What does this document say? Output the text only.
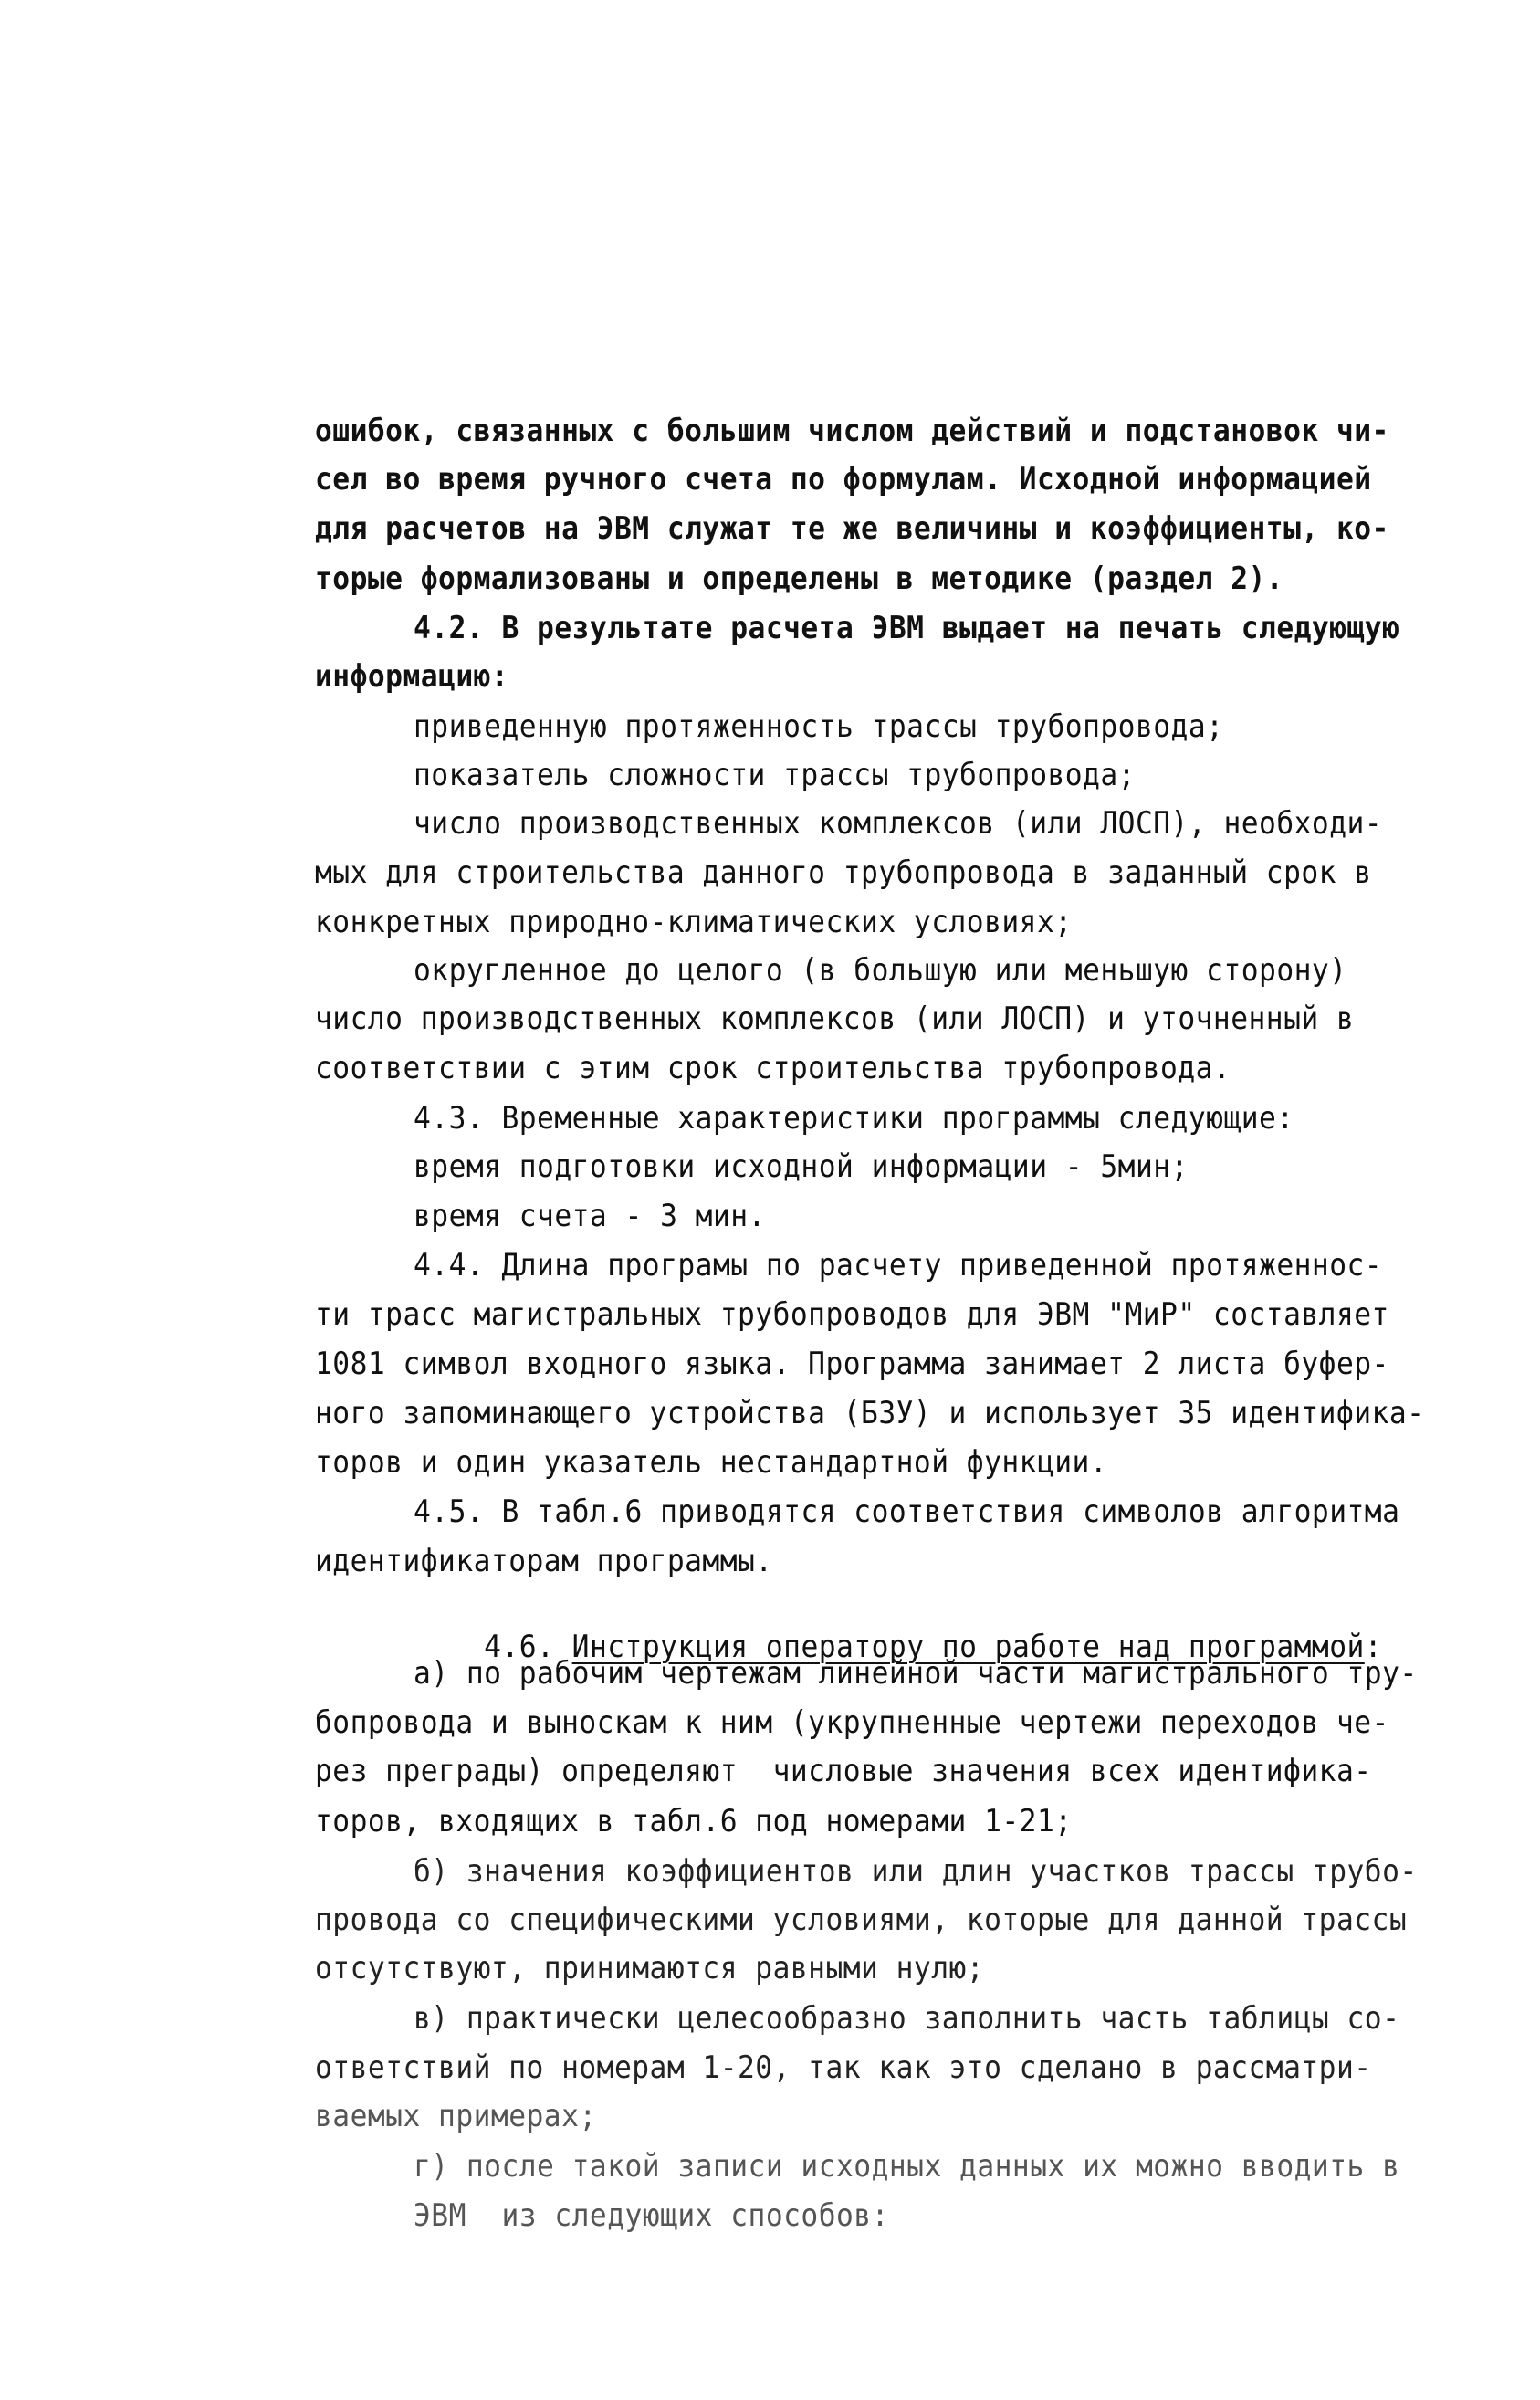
ошибок, связанных с большим числом действий и подстановок чи-
сел во время ручного счета по формулам. Исходной информацией
для расчетов на ЭВМ служат те же величины и коэффициенты, ко-
торые формализованы и определены в методике (раздел 2).
4.2. В результате расчета ЭВМ выдает на печать следующую
информацию:
приведенную протяженность трассы трубопровода;
показатель сложности трассы трубопровода;
число производственных комплексов (или ЛОСП), необходи-
мых для строительства данного трубопровода в заданный срок в
конкретных природно-климатических условиях;
округленное до целого (в большую или меньшую сторону)
число производственных комплексов (или ЛОСП) и уточненный в
соответствии с этим срок строительства трубопровода.
4.3. Временные характеристики программы следующие:
время подготовки исходной информации - 5мин;
время счета - 3 мин.
4.4. Длина програмы по расчету приведенной протяженнос-
ти трасс магистральных трубопроводов для ЭВМ "МиР" составляет
1081 символ входного языка. Программа занимает 2 листа буфер-
ного запоминающего устройства (БЗУ) и использует 35 идентифика-
торов и один указатель нестандартной функции.
4.5. В табл.6 приводятся соответствия символов алгоритма
идентификаторам программы.

4.6. Инструкция оператору по работе над программой:

а) по рабочим чертежам линейной части магистрального тру-
бопровода и выноскам к ним (укрупненные чертежи переходов че-
рез преграды) определяют  числовые значения всех идентифика-
торов, входящих в табл.6 под номерами 1-21;
б) значения коэффициентов или длин участков трассы трубо-
провода со специфическими условиями, которые для данной трассы
отсутствуют, принимаются равными нулю;
в) практически целесообразно заполнить часть таблицы со-
ответствий по номерам 1-20, так как это сделано в рассматри-
ваемых примерах;
г) после такой записи исходных данных их можно вводить в
ЭВМ  из следующих способов:
